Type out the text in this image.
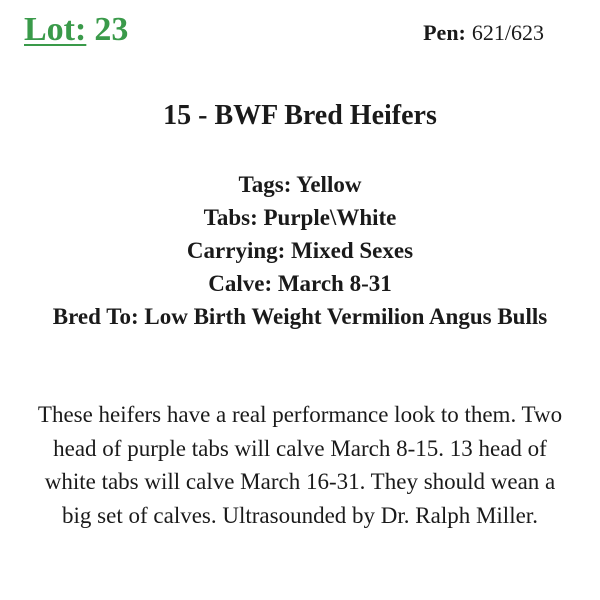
Lot: 23	Pen: 621/623
15 - BWF Bred Heifers
Tags: Yellow
Tabs: Purple\White
Carrying: Mixed Sexes
Calve: March 8-31
Bred To: Low Birth Weight Vermilion Angus Bulls
These heifers have a real performance look to them. Two head of purple tabs will calve March 8-15. 13 head of white tabs will calve March 16-31. They should wean a big set of calves. Ultrasounded by Dr. Ralph Miller.
